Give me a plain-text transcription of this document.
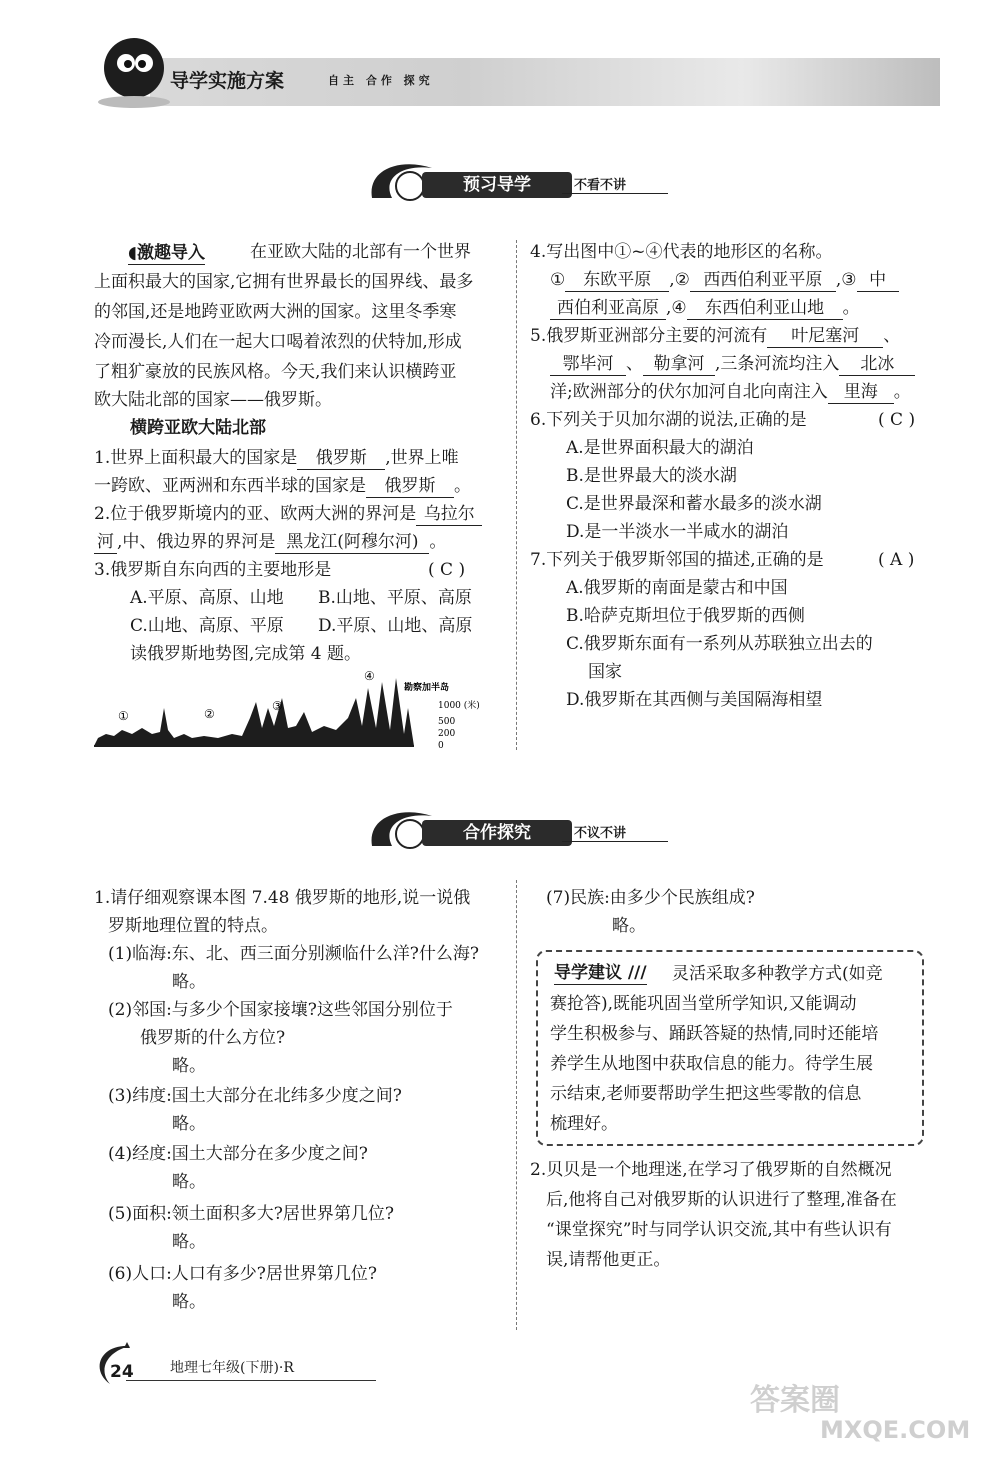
导学实施方案	自主 合作 探究
预习导学	不看不讲
◖激趣导入	在亚欧大陆的北部有一个世界
上面积最大的国家,它拥有世界最长的国界线、最多
的邻国,还是地跨亚欧两大洲的国家。这里冬季寒
冷而漫长,人们在一起大口喝着浓烈的伏特加,形成
了粗犷豪放的民族风格。今天,我们来认识横跨亚
欧大陆北部的国家——俄罗斯。
横跨亚欧大陆北部
1.世界上面积最大的国家是 俄罗斯 ,世界上唯
一跨欧、亚两洲和东西半球的国家是 俄罗斯 。
2.位于俄罗斯境内的亚、欧两大洲的界河是 乌拉尔
河 ,中、俄边界的界河是 黑龙江(阿穆尔河) 。
3.俄罗斯自东向西的主要地形是	( C )
A.平原、高原、山地 B.山地、平原、高原
C.山地、高原、平原 D.平原、山地、高原
读俄罗斯地势图,完成第 4 题。
①	②
③
④
勘察加半岛
1000 (米)
500
200
0
4.写出图中①~④代表的地形区的名称。
① 东欧平原 ,② 西西伯利亚平原 ,③ 中
西伯利亚高原 ,④ 东西伯利亚山地 。
5.俄罗斯亚洲部分主要的河流有 叶尼塞河 、
鄂毕河 、 勒拿河 ,三条河流均注入 北冰
洋;欧洲部分的伏尔加河自北向南注入 里海 。
6.下列关于贝加尔湖的说法,正确的是	( C )
A.是世界面积最大的湖泊
B.是世界最大的淡水湖
C.是世界最深和蓄水最多的淡水湖
D.是一半淡水一半咸水的湖泊
7.下列关于俄罗斯邻国的描述,正确的是	( A )
A.俄罗斯的南面是蒙古和中国
B.哈萨克斯坦位于俄罗斯的西侧
C.俄罗斯东面有一系列从苏联独立出去的
国家
D.俄罗斯在其西侧与美国隔海相望
合作探究	不议不讲
1.请仔细观察课本图 7.48 俄罗斯的地形,说一说俄
罗斯地理位置的特点。
(1)临海:东、北、西三面分别濒临什么洋?什么海?
略。
(2)邻国:与多少个国家接壤?这些邻国分别位于
俄罗斯的什么方位?
略。
(3)纬度:国土大部分在北纬多少度之间?
略。
(4)经度:国土大部分在多少度之间?
略。
(5)面积:领土面积多大?居世界第几位?
略。
(6)人口:人口有多少?居世界第几位?
略。
(7)民族:由多少个民族组成?
略。
导学建议 /// 灵活采取多种教学方式(如竞
赛抢答),既能巩固当堂所学知识,又能调动
学生积极参与、踊跃答疑的热情,同时还能培
养学生从地图中获取信息的能力。待学生展
示结束,老师要帮助学生把这些零散的信息
梳理好。
2.贝贝是一个地理迷,在学习了俄罗斯的自然概况
后,他将自己对俄罗斯的认识进行了整理,准备在
“课堂探究”时与同学认识交流,其中有些认识有
误,请帮他更正。
24	地理七年级(下册)·R
答案圈
MXQE.COM
